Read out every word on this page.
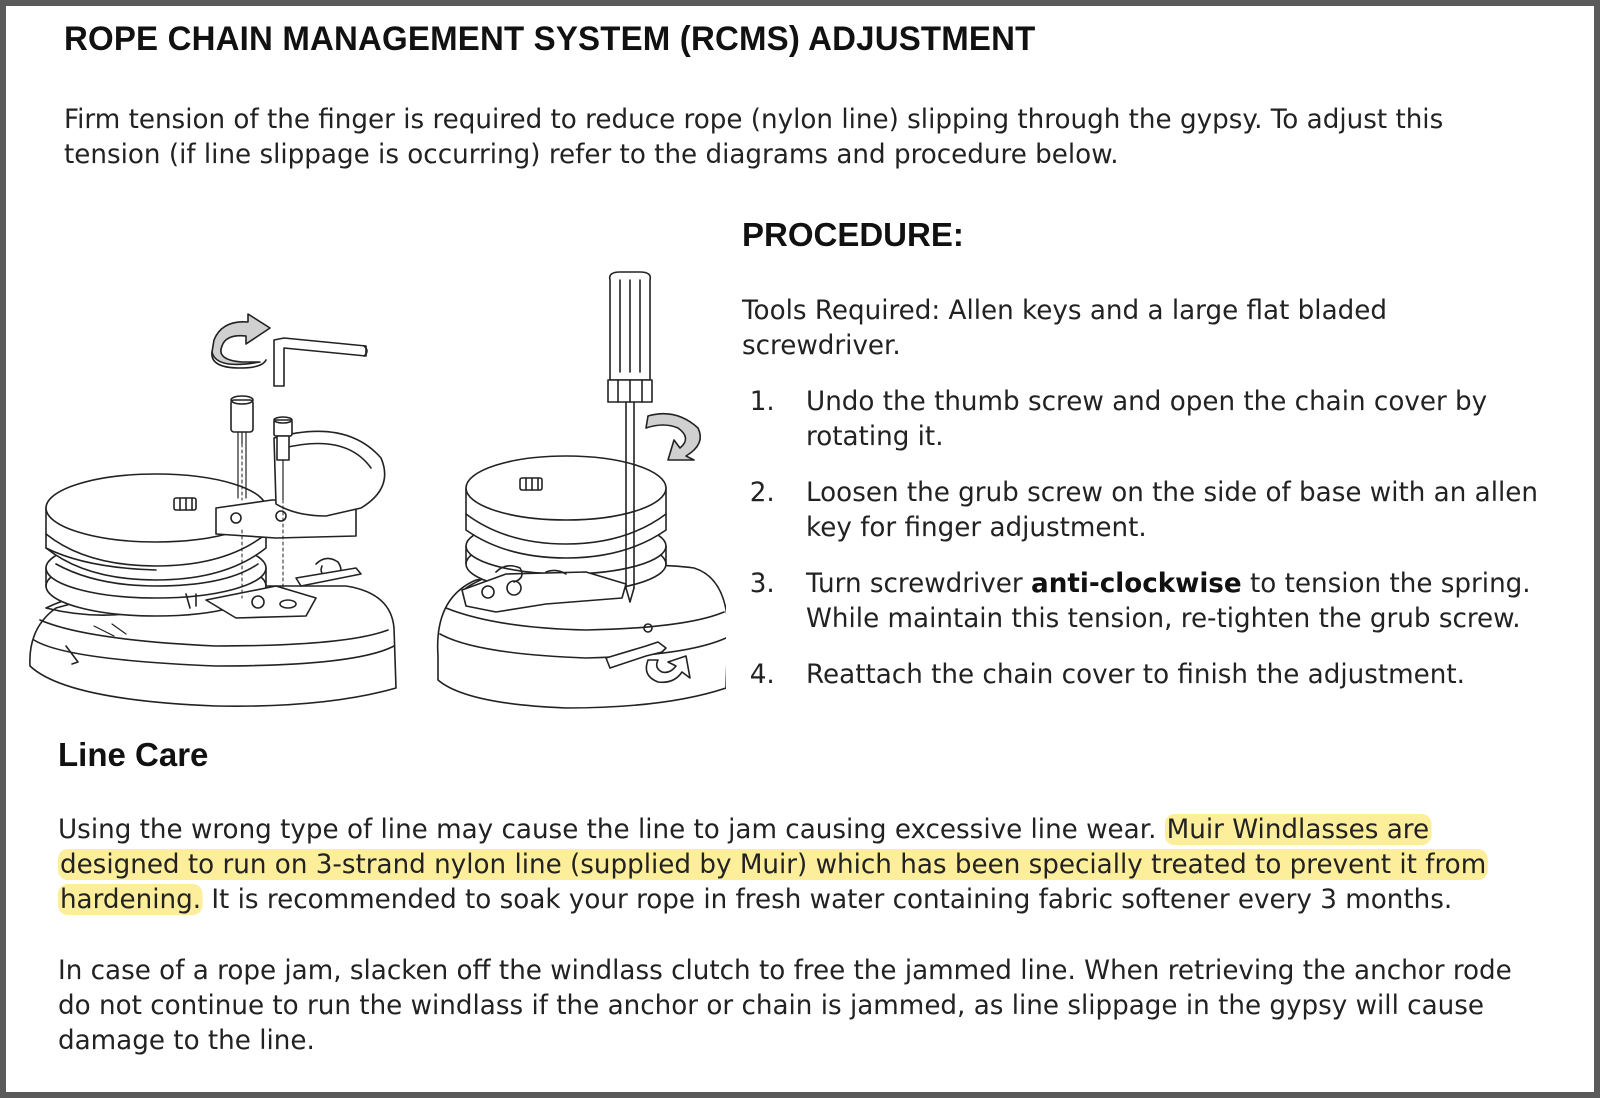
ROPE CHAIN MANAGEMENT SYSTEM (RCMS) ADJUSTMENT
Firm tension of the finger is required to reduce rope (nylon line) slipping through the gypsy. To adjust this tension (if line slippage is occurring) refer to the diagrams and procedure below.
PROCEDURE:
Tools Required: Allen keys and a large flat bladed screwdriver.
1. Undo the thumb screw and open the chain cover by rotating it.
2. Loosen the grub screw on the side of base with an allen key for finger adjustment.
3. Turn screwdriver anti-clockwise to tension the spring. While maintain this tension, re-tighten the grub screw.
4. Reattach the chain cover to finish the adjustment.
Line Care
Using the wrong type of line may cause the line to jam causing excessive line wear. Muir Windlasses are designed to run on 3-strand nylon line (supplied by Muir) which has been specially treated to prevent it from hardening. It is recommended to soak your rope in fresh water containing fabric softener every 3 months.
In case of a rope jam, slacken off the windlass clutch to free the jammed line. When retrieving the anchor rode do not continue to run the windlass if the anchor or chain is jammed, as line slippage in the gypsy will cause damage to the line.
